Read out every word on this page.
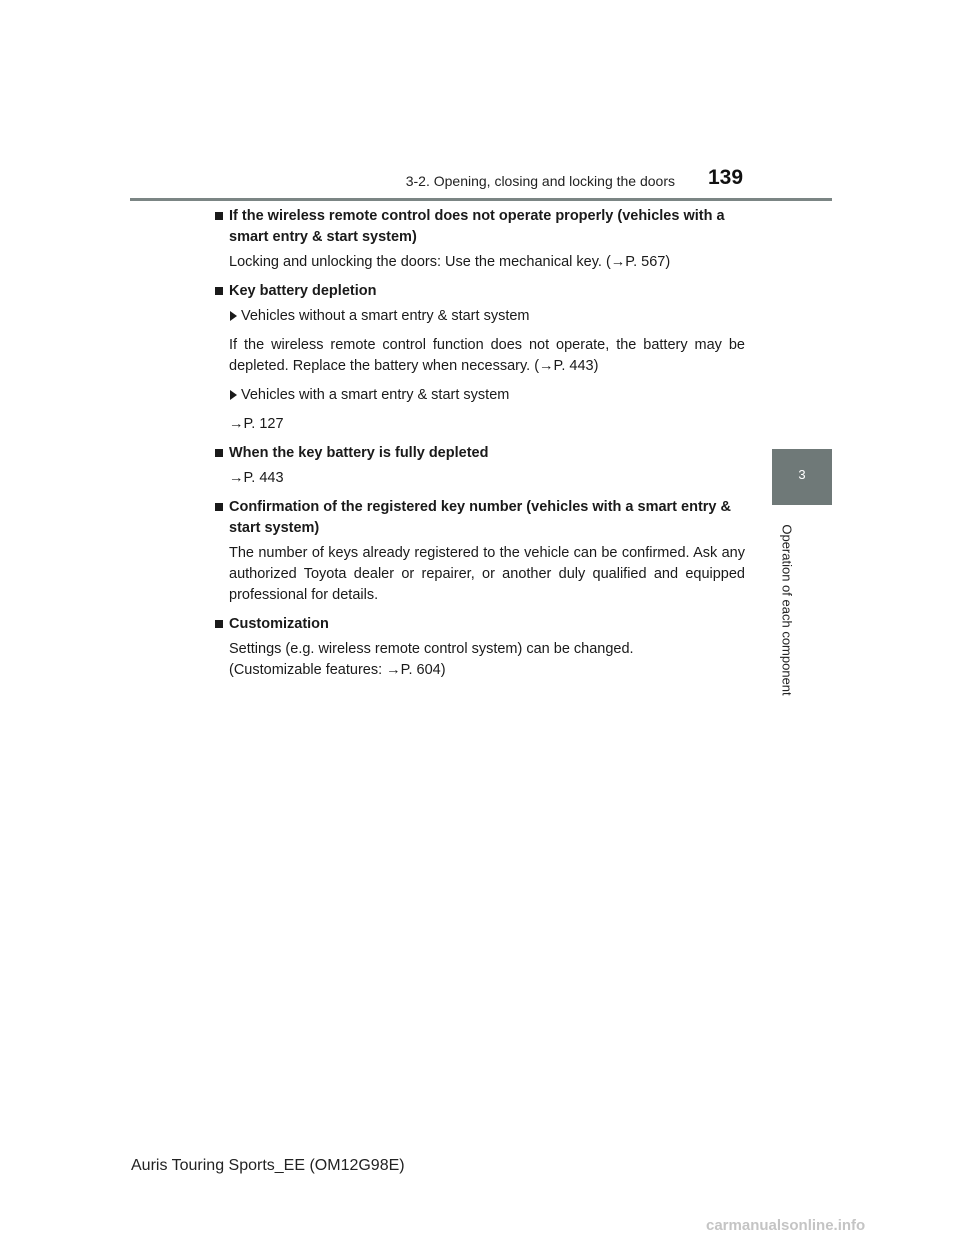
3-2. Opening, closing and locking the doors 139
3
Operation of each component

If the wireless remote control does not operate properly (vehicles with a smart entry & start system)

Locking and unlocking the doors: Use the mechanical key. (→P. 567)

Key battery depletion

Vehicles without a smart entry & start system

If the wireless remote control function does not operate, the battery may be depleted. Replace the battery when necessary. (→P. 443)

Vehicles with a smart entry & start system

→P. 127

When the key battery is fully depleted

→P. 443

Confirmation of the registered key number (vehicles with a smart entry & start system)

The number of keys already registered to the vehicle can be confirmed. Ask any authorized Toyota dealer or repairer, or another duly qualified and equipped professional for details.

Customization

Settings (e.g. wireless remote control system) can be changed.

(Customizable features: →P. 604)

Auris Touring Sports_EE (OM12G98E)
carmanualsonline.info
